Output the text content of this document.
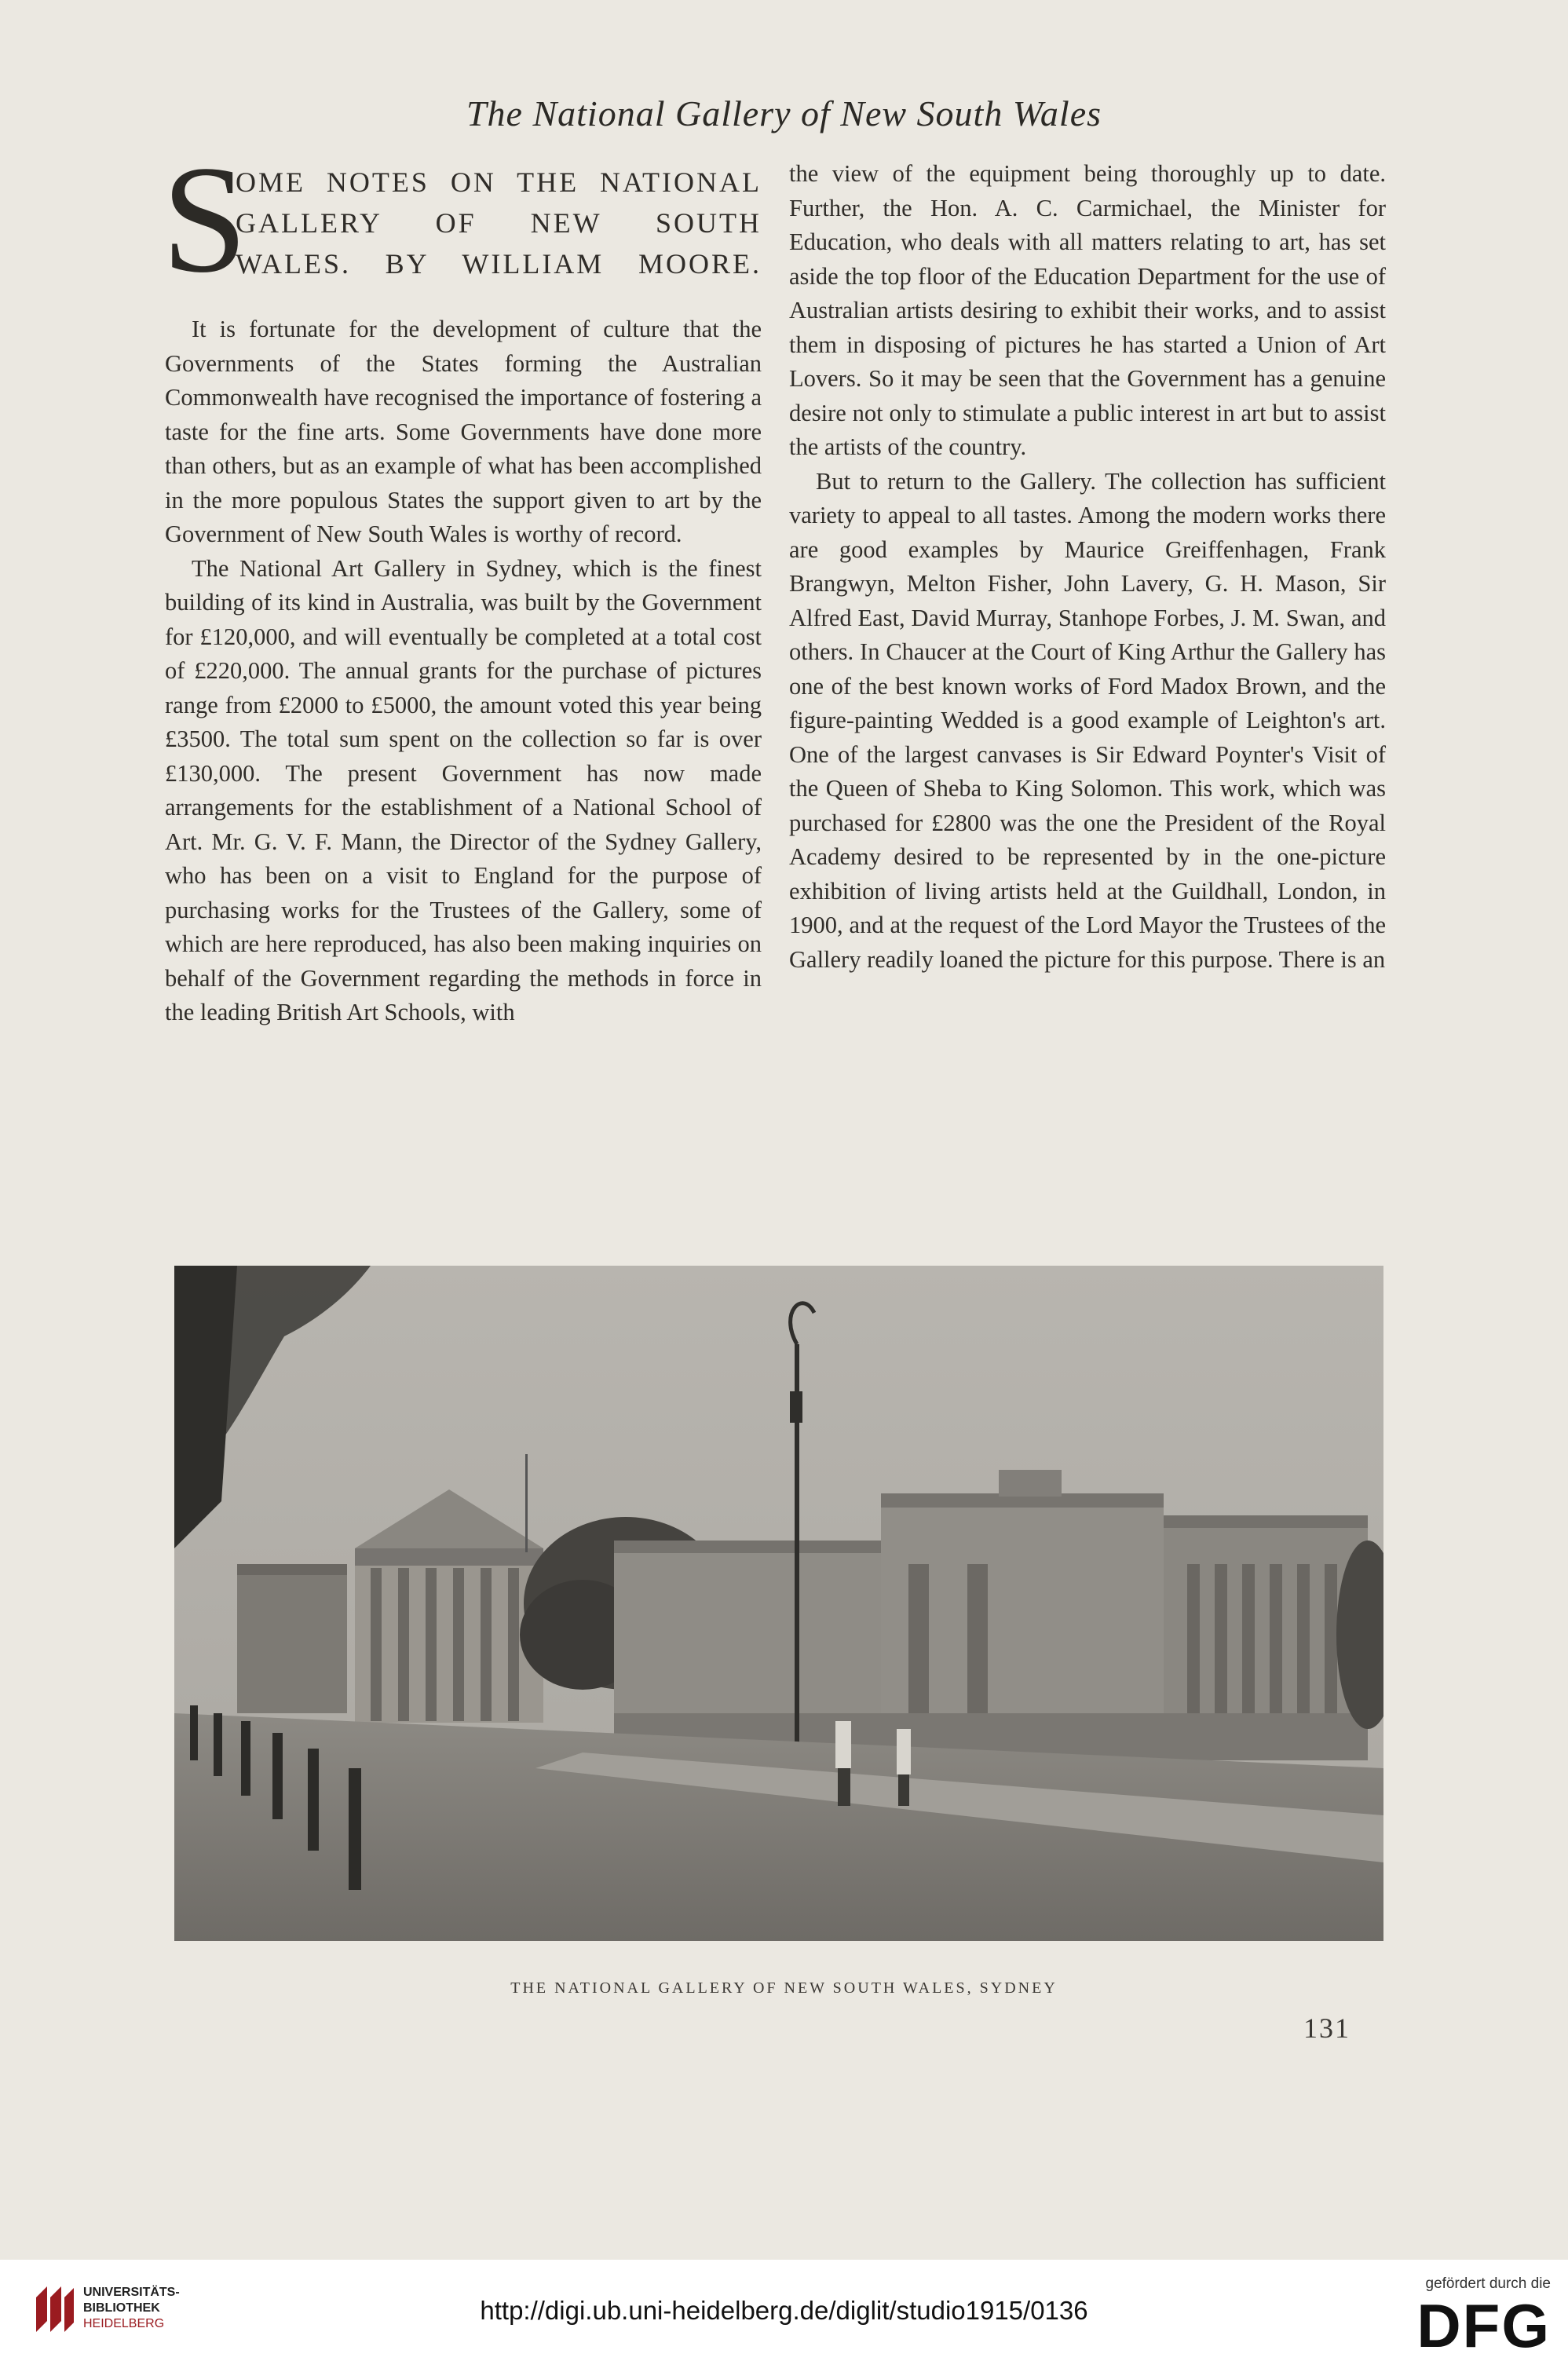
The National Gallery of New South Wales
S
OME NOTES ON THE NATIONAL
GALLERY OF NEW SOUTH
WALES. BY WILLIAM MOORE.

It is fortunate for the development of culture that the Governments of the States forming the Australian Commonwealth have recognised the importance of fostering a taste for the fine arts. Some Governments have done more than others, but as an example of what has been accomplished in the more populous States the support given to art by the Government of New South Wales is worthy of record.

The National Art Gallery in Sydney, which is the finest building of its kind in Australia, was built by the Government for £120,000, and will eventually be completed at a total cost of £220,000. The annual grants for the purchase of pictures range from £2000 to £5000, the amount voted this year being £3500. The total sum spent on the collection so far is over £130,000. The present Government has now made arrangements for the establishment of a National School of Art. Mr. G. V. F. Mann, the Director of the Sydney Gallery, who has been on a visit to England for the purpose of purchasing works for the Trustees of the Gallery, some of which are here reproduced, has also been making inquiries on behalf of the Government regarding the methods in force in the leading British Art Schools, with

the view of the equipment being thoroughly up to date. Further, the Hon. A. C. Carmichael, the Minister for Education, who deals with all matters relating to art, has set aside the top floor of the Education Department for the use of Australian artists desiring to exhibit their works, and to assist them in disposing of pictures he has started a Union of Art Lovers. So it may be seen that the Government has a genuine desire not only to stimulate a public interest in art but to assist the artists of the country.

But to return to the Gallery. The collection has sufficient variety to appeal to all tastes. Among the modern works there are good examples by Maurice Greiffenhagen, Frank Brangwyn, Melton Fisher, John Lavery, G. H. Mason, Sir Alfred East, David Murray, Stanhope Forbes, J. M. Swan, and others. In Chaucer at the Court of King Arthur the Gallery has one of the best known works of Ford Madox Brown, and the figure-painting Wedded is a good example of Leighton's art. One of the largest canvases is Sir Edward Poynter's Visit of the Queen of Sheba to King Solomon. This work, which was purchased for £2800 was the one the President of the Royal Academy desired to be represented by in the one-picture exhibition of living artists held at the Guildhall, London, in 1900, and at the request of the Lord Mayor the Trustees of the Gallery readily loaned the picture for this purpose. There is an

THE NATIONAL GALLERY OF NEW SOUTH WALES, SYDNEY
131
UNIVERSITÄTS-
BIBLIOTHEK
HEIDELBERG	http://digi.ub.uni-heidelberg.de/diglit/studio1915/0136
gefördert durch die
DFG
